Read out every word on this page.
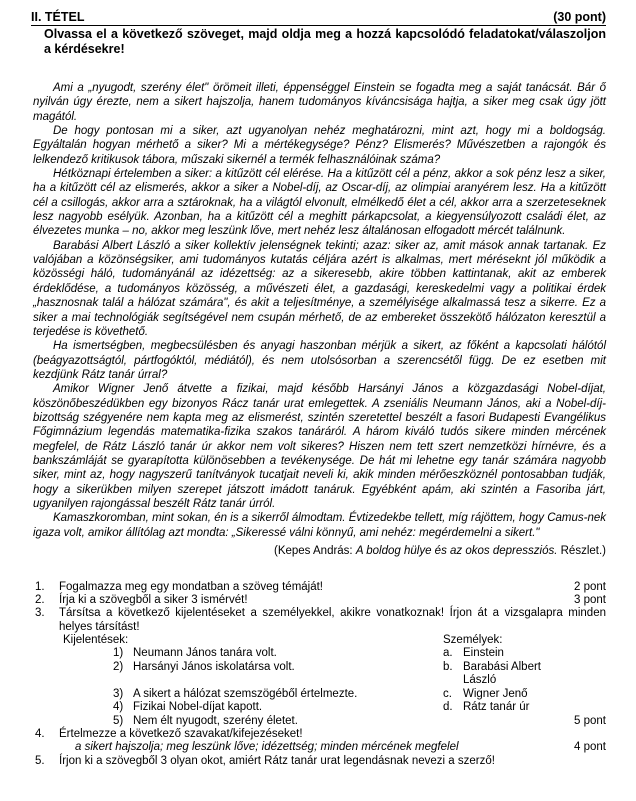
II. TÉTEL	(30 pont)
Olvassa el a következő szöveget, majd oldja meg a hozzá kapcsolódó feladatokat/válaszoljon a kérdésekre!

Ami a „nyugodt, szerény élet" örömeit illeti, éppenséggel Einstein se fogadta meg a saját tanácsát. Bár ő nyilván úgy érezte, nem a sikert hajszolja, hanem tudományos kíváncsisága hajtja, a siker meg csak úgy jött magától.

De hogy pontosan mi a siker, azt ugyanolyan nehéz meghatározni, mint azt, hogy mi a boldogság. Egyáltalán hogyan mérhető a siker? Mi a mértékegysége? Pénz? Elismerés? Művészetben a rajongók és lelkendező kritikusok tábora, műszaki sikernél a termék felhasználóinak száma?

Hétköznapi értelemben a siker: a kitűzött cél elérése. Ha a kitűzött cél a pénz, akkor a sok pénz lesz a siker, ha a kitűzött cél az elismerés, akkor a siker a Nobel-díj, az Oscar-díj, az olimpiai aranyérem lesz. Ha a kitűzött cél a csillogás, akkor arra a sztároknak, ha a világtól elvonult, elmélkedő élet a cél, akkor arra a szerzeteseknek lesz nagyobb esélyük. Azonban, ha a kitűzött cél a meghitt párkapcsolat, a kiegyensúlyozott családi élet, az élvezetes munka – no, akkor meg leszünk lőve, mert nehéz lesz általánosan elfogadott mércét találnunk.

Barabási Albert László a siker kollektív jelenségnek tekinti; azaz: siker az, amit mások annak tartanak. Ez valójában a közönségsiker, ami tudományos kutatás céljára azért is alkalmas, mert méréseknt jól működik a közösségi háló, tudományánál az idézettség: az a sikeresebb, akire többen kattintanak, akit az emberek érdeklődése, a tudományos közösség, a művészeti élet, a gazdasági, kereskedelmi vagy a politikai érdek „hasznosnak talál a hálózat számára", és akit a teljesítménye, a személyisége alkalmassá tesz a sikerre. Ez a siker a mai technológiák segítségével nem csupán mérhető, de az embereket összekötő hálózaton keresztül a terjedése is követhető.

Ha ismertségben, megbecsülésben és anyagi haszonban mérjük a sikert, az főként a kapcsolati hálótól (beágyazottságtól, pártfogóktól, médiától), és nem utolsósorban a szerencsétől függ. De ez esetben mit kezdjünk Rátz tanár úrral?

Amikor Wigner Jenő átvette a fizikai, majd később Harsányi János a közgazdasági Nobel-díjat, köszönőbeszédükben egy bizonyos Rácz tanár urat emlegettek. A zseniális Neumann János, aki a Nobel-díj-bizottság szégyenére nem kapta meg az elismerést, szintén szeretettel beszélt a fasori Budapesti Evangélikus Főgimnázium legendás matematika-fizika szakos tanáráról. A három kiváló tudós sikere minden mércének megfelel, de Rátz László tanár úr akkor nem volt sikeres? Hiszen nem tett szert nemzetközi hírnévre, és a bankszámláját se gyarapította különösebben a tevékenysége. De hát mi lehetne egy tanár számára nagyobb siker, mint az, hogy nagyszerű tanítványok tucatjait neveli ki, akik minden mérőeszköznél pontosabban tudják, hogy a sikerükben milyen szerepet játszott imádott tanáruk. Egyébként apám, aki szintén a Fasoriba járt, ugyanilyen rajongással beszélt Rátz tanár úrról.

Kamaszkoromban, mint sokan, én is a sikerről álmodtam. Évtizedekbe tellett, míg rájöttem, hogy Camus-nek igaza volt, amikor állítólag azt mondta: „Sikeressé válni könnyű, ami nehéz: megérdemelni a sikert."

(Kepes András: A boldog hülye és az okos depressziós. Részlet.)
1. Fogalmazza meg egy mondatban a szöveg témáját!	2 pont
2. Írja ki a szövegből a siker 3 ismérvét!	3 pont
3. Társítsa a következő kijelentéseket a személyekkel, akikre vonatkoznak! Írjon át a vizsgalapra minden helyes társítást!
Kijelentések:	Személyek:
1) Neumann János tanára volt.
2) Harsányi János iskolatársa volt.
3) A sikert a hálózat szemszögéből értelmezte.
4) Fizikai Nobel-díjat kapott.
5) Nem élt nyugodt, szerény életet.
a. Einstein
b. Barabási Albert
László
c. Wigner Jenő
d. Rátz tanár úr
5 pont
4. Értelmezze a következő szavakat/kifejezéseket!
a sikert hajszolja; meg leszünk lőve; idézettség; minden mércének megfelel	4 pont
5. Írjon ki a szövegből 3 olyan okot, amiért Rátz tanár urat legendásnak nevezi a szerző!
